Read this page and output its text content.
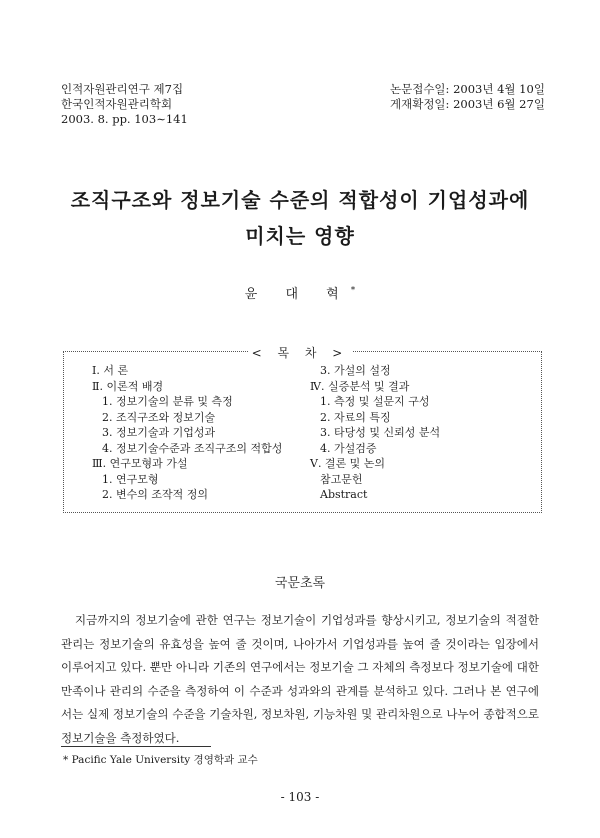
인적자원관리연구 제7집
한국인적자원관리학회
2003. 8. pp. 103∼141
논문접수일: 2003년 4월 10일
게재확정일: 2003년 6월 27일
조직구조와 정보기술 수준의 적합성이 기업성과에
미치는 영향
윤 대 혁*
< 목 차 >
Ⅰ. 서 론
Ⅱ. 이론적 배경
1. 정보기술의 분류 및 측정
2. 조직구조와 정보기술
3. 정보기술과 기업성과
4. 정보기술수준과 조직구조의 적합성
Ⅲ. 연구모형과 가설
1. 연구모형
2. 변수의 조작적 정의
3. 가설의 설정
Ⅳ. 실증분석 및 결과
1. 측정 및 설문지 구성
2. 자료의 특징
3. 타당성 및 신뢰성 분석
4. 가설검증
Ⅴ. 결론 및 논의
참고문헌
Abstract
국문초록
지금까지의 정보기술에 관한 연구는 정보기술이 기업성과를 향상시키고, 정보기술의 적절한 관리는 정보기술의 유효성을 높여 줄 것이며, 나아가서 기업성과를 높여 줄 것이라는 입장에서 이루어지고 있다. 뿐만 아니라 기존의 연구에서는 정보기술 그 자체의 측정보다 정보기술에 대한 만족이나 관리의 수준을 측정하여 이 수준과 성과와의 관계를 분석하고 있다. 그러나 본 연구에서는 실제 정보기술의 수준을 기술차원, 정보차원, 기능차원 및 관리차원으로 나누어 종합적으로 정보기술을 측정하였다.
* Pacific Yale University 경영학과 교수
- 103 -
